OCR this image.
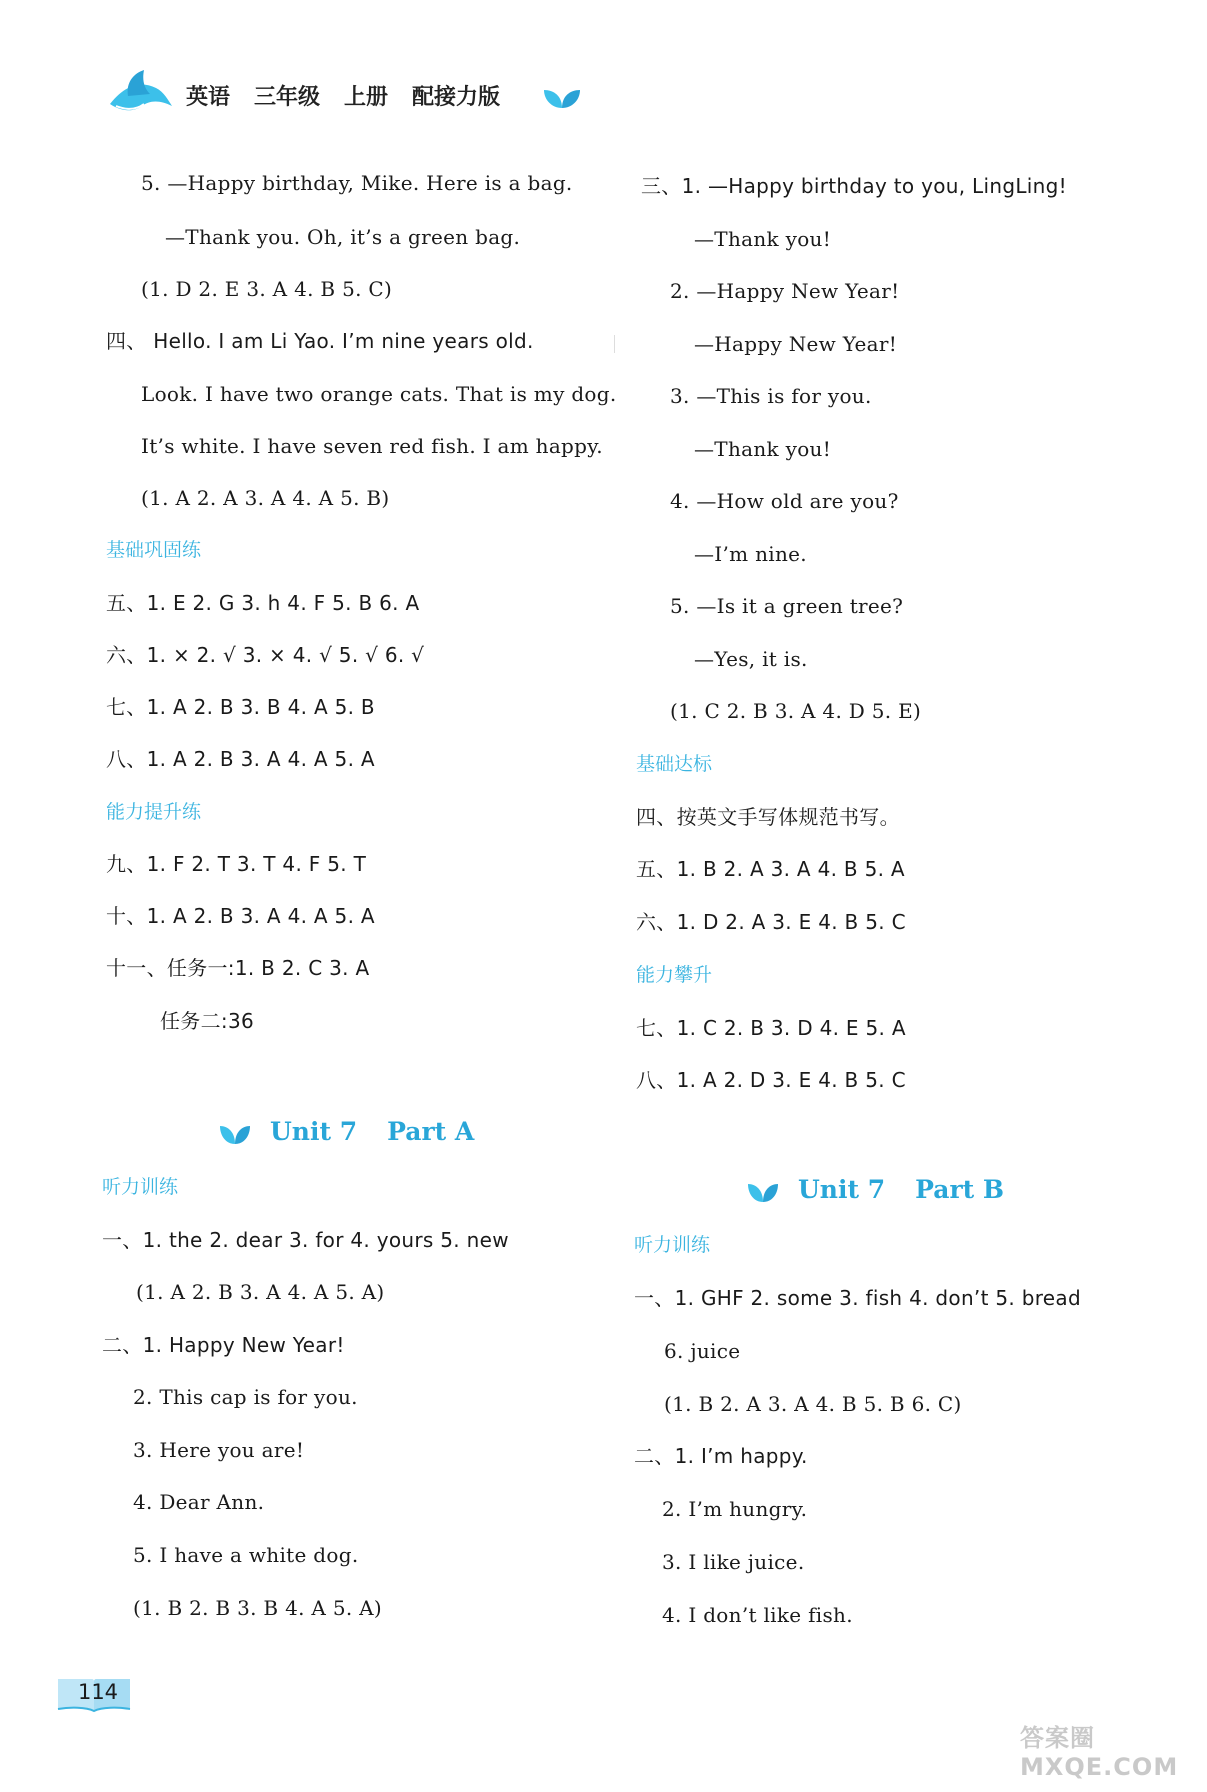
英语 三年级 上册 配接力版
5. —Happy birthday, Mike. Here is a bag.
—Thank you. Oh, it’s a green bag.
(1. D 2. E 3. A 4. B 5. C)
四、 Hello. I am Li Yao. I’m nine years old.
Look. I have two orange cats. That is my dog.
It’s white. I have seven red fish. I am happy.
(1. A 2. A 3. A 4. A 5. B)
基础巩固练
五、1. E 2. G 3. h 4. F 5. B 6. A
六、1. × 2. √ 3. × 4. √ 5. √ 6. √
七、1. A 2. B 3. B 4. A 5. B
八、1. A 2. B 3. A 4. A 5. A
能力提升练
九、1. F 2. T 3. T 4. F 5. T
十、1. A 2. B 3. A 4. A 5. A
十一、任务一:1. B 2. C 3. A
任务二:36
Unit 7 Part A
听力训练
一、1. the 2. dear 3. for 4. yours 5. new
(1. A 2. B 3. A 4. A 5. A)
二、1. Happy New Year!
2. This cap is for you.
3. Here you are!
4. Dear Ann.
5. I have a white dog.
(1. B 2. B 3. B 4. A 5. A)
三、1. —Happy birthday to you, LingLing!
—Thank you!
2. —Happy New Year!
—Happy New Year!
3. —This is for you.
—Thank you!
4. —How old are you?
—I’m nine.
5. —Is it a green tree?
—Yes, it is.
(1. C 2. B 3. A 4. D 5. E)
基础达标
四、按英文手写体规范书写。
五、1. B 2. A 3. A 4. B 5. A
六、1. D 2. A 3. E 4. B 5. C
能力攀升
七、1. C 2. B 3. D 4. E 5. A
八、1. A 2. D 3. E 4. B 5. C
Unit 7 Part B
听力训练
一、1. GHF 2. some 3. fish 4. don’t 5. bread
6. juice
(1. B 2. A 3. A 4. B 5. B 6. C)
二、1. I’m happy.
2. I’m hungry.
3. I like juice.
4. I don’t like fish.
114
答案圈 MXQE.COM
